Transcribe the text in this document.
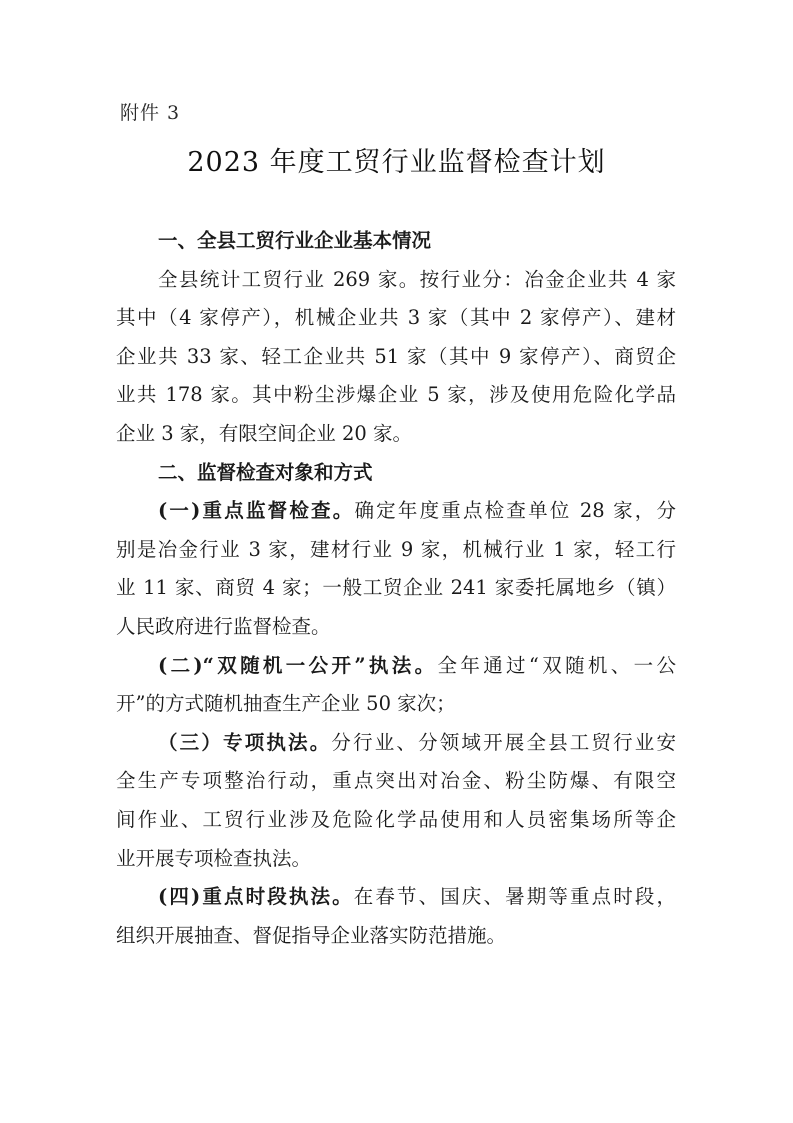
附件 3
2023 年度工贸行业监督检查计划
一、全县工贸行业企业基本情况
全县统计工贸行业 269 家。按行业分：冶金企业共 4 家
其中（4 家停产），机械企业共 3 家（其中 2 家停产）、建材
企业共 33 家、轻工企业共 51 家（其中 9 家停产）、商贸企
业共 178 家。其中粉尘涉爆企业 5 家，涉及使用危险化学品
企业 3 家，有限空间企业 20 家。
二、监督检查对象和方式
(一)重点监督检查。确定年度重点检查单位 28 家，分
别是冶金行业 3 家，建材行业 9 家，机械行业 1 家，轻工行
业 11 家、商贸 4 家；一般工贸企业 241 家委托属地乡（镇）
人民政府进行监督检查。
(二)“双随机一公开”执法。全年通过“双随机、一公
开”的方式随机抽查生产企业 50 家次；
（三）专项执法。分行业、分领域开展全县工贸行业安
全生产专项整治行动，重点突出对冶金、粉尘防爆、有限空
间作业、工贸行业涉及危险化学品使用和人员密集场所等企
业开展专项检查执法。
(四)重点时段执法。在春节、国庆、暑期等重点时段，
组织开展抽查、督促指导企业落实防范措施。
